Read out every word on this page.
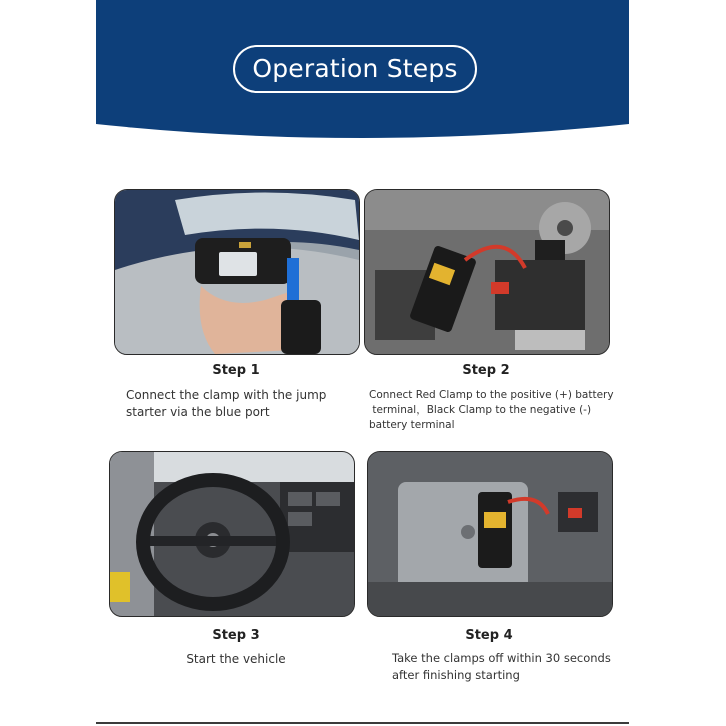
Operation Steps
Step 1
Connect the clamp with the jump starter via the blue port
Step 2
Connect Red Clamp to the positive (+) battery
terminal，Black Clamp to the negative (-)
battery terminal
Step 3
Start the vehicle
Step 4
Take the clamps off within 30 seconds
after finishing starting
